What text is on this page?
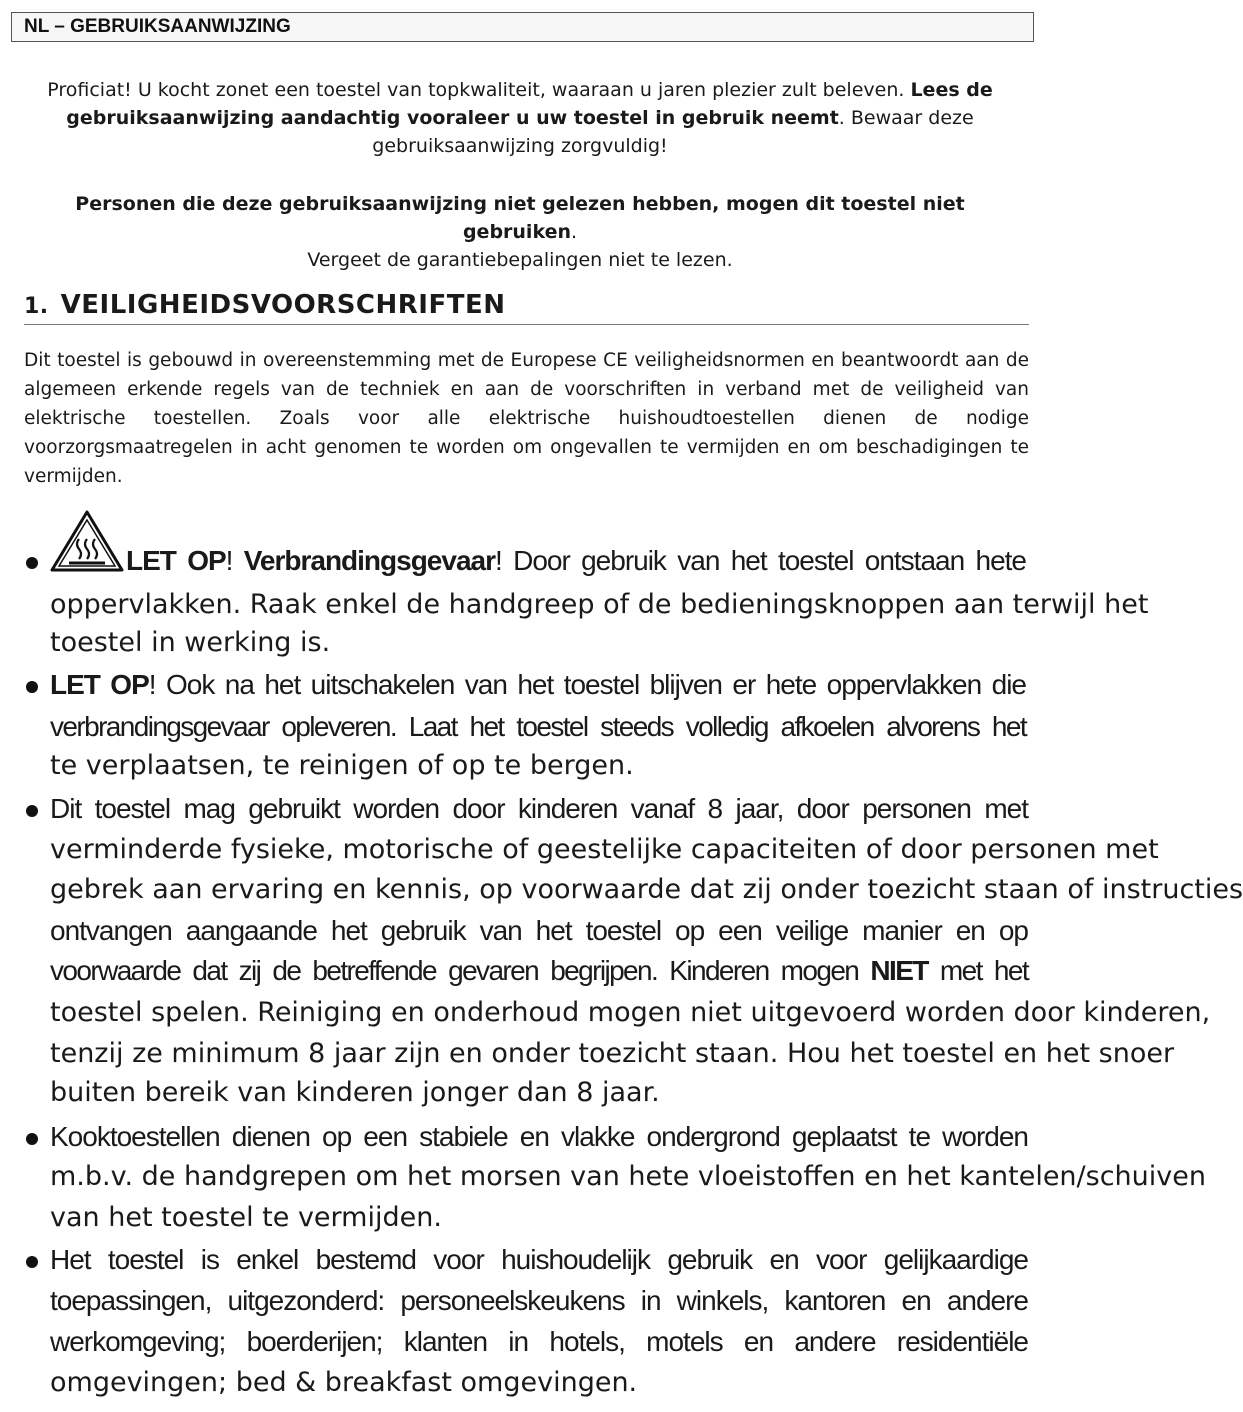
NL – GEBRUIKSAANWIJZING
Proficiat! U kocht zonet een toestel van topkwaliteit, waaraan u jaren plezier zult beleven. Lees de gebruiksaanwijzing aandachtig vooraleer u uw toestel in gebruik neemt. Bewaar deze gebruiksaanwijzing zorgvuldig!
Personen die deze gebruiksaanwijzing niet gelezen hebben, mogen dit toestel niet gebruiken.
Vergeet de garantiebepalingen niet te lezen.
1. VEILIGHEIDSVOORSCHRIFTEN
Dit toestel is gebouwd in overeenstemming met de Europese CE veiligheidsnormen en beantwoordt aan de algemeen erkende regels van de techniek en aan de voorschriften in verband met de veiligheid van elektrische toestellen. Zoals voor alle elektrische huishoudtoestellen dienen de nodige voorzorgsmaatregelen in acht genomen te worden om ongevallen te vermijden en om beschadigingen te vermijden.
LET OP! Verbrandingsgevaar! Door gebruik van het toestel ontstaan hete
oppervlakken. Raak enkel de handgreep of de bedieningsknoppen aan terwijl het
toestel in werking is.
LET OP! Ook na het uitschakelen van het toestel blijven er hete oppervlakken die
verbrandingsgevaar opleveren. Laat het toestel steeds volledig afkoelen alvorens het
te verplaatsen, te reinigen of op te bergen.
Dit toestel mag gebruikt worden door kinderen vanaf 8 jaar, door personen met
verminderde fysieke, motorische of geestelijke capaciteiten of door personen met
gebrek aan ervaring en kennis, op voorwaarde dat zij onder toezicht staan of instructies
ontvangen aangaande het gebruik van het toestel op een veilige manier en op
voorwaarde dat zij de betreffende gevaren begrijpen. Kinderen mogen NIET met het
toestel spelen. Reiniging en onderhoud mogen niet uitgevoerd worden door kinderen,
tenzij ze minimum 8 jaar zijn en onder toezicht staan. Hou het toestel en het snoer
buiten bereik van kinderen jonger dan 8 jaar.
Kooktoestellen dienen op een stabiele en vlakke ondergrond geplaatst te worden
m.b.v. de handgrepen om het morsen van hete vloeistoffen en het kantelen/schuiven
van het toestel te vermijden.
Het toestel is enkel bestemd voor huishoudelijk gebruik en voor gelijkaardige
toepassingen, uitgezonderd: personeelskeukens in winkels, kantoren en andere
werkomgeving; boerderijen; klanten in hotels, motels en andere residentiële
omgevingen; bed & breakfast omgevingen.
